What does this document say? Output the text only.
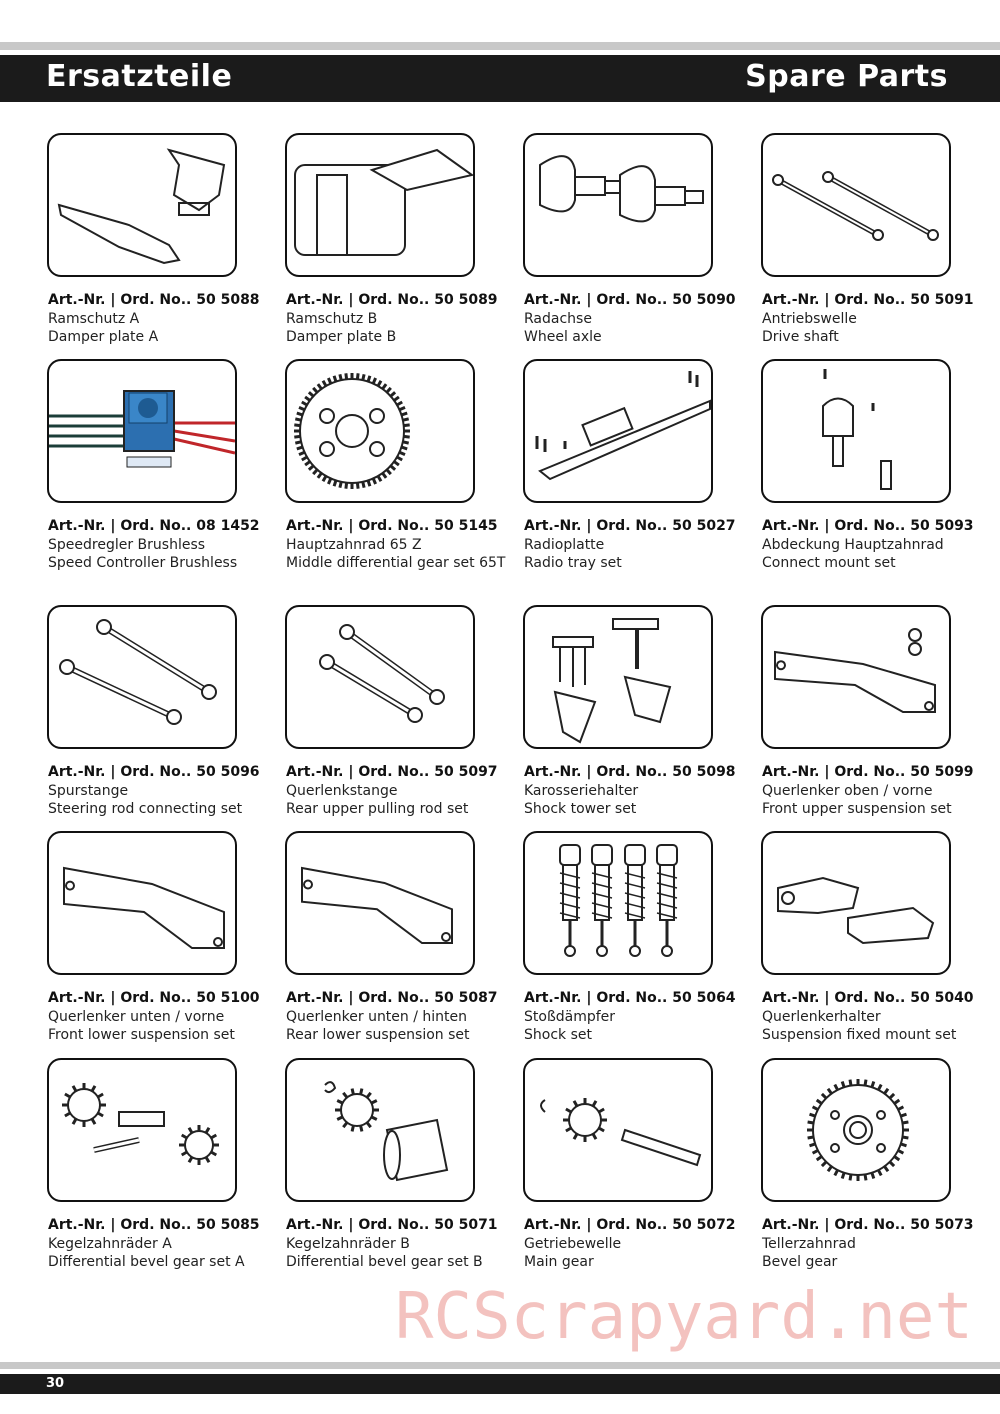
Ersatzteile	Spare Parts
Art.-Nr. | Ord. No.. 50 5088
Ramschutz A
Damper plate A
Art.-Nr. | Ord. No.. 50 5089
Ramschutz B
Damper plate B
Art.-Nr. | Ord. No.. 50 5090
Radachse
Wheel axle
Art.-Nr. | Ord. No.. 50 5091
Antriebswelle
Drive shaft
Art.-Nr. | Ord. No.. 08 1452
Speedregler Brushless
Speed Controller Brushless
Art.-Nr. | Ord. No.. 50 5145
Hauptzahnrad 65 Z
Middle differential gear set 65T
Art.-Nr. | Ord. No.. 50 5027
Radioplatte
Radio tray set
Art.-Nr. | Ord. No.. 50 5093
Abdeckung Hauptzahnrad
Connect mount set
Art.-Nr. | Ord. No.. 50 5096
Spurstange
Steering rod connecting set
Art.-Nr. | Ord. No.. 50 5097
Querlenkstange
Rear upper pulling rod set
Art.-Nr. | Ord. No.. 50 5098
Karosseriehalter
Shock tower set
Art.-Nr. | Ord. No.. 50 5099
Querlenker oben / vorne
Front upper suspension set
Art.-Nr. | Ord. No.. 50 5100
Querlenker unten / vorne
Front lower suspension set
Art.-Nr. | Ord. No.. 50 5087
Querlenker unten / hinten
Rear lower suspension set
Art.-Nr. | Ord. No.. 50 5064
Stoßdämpfer
Shock set
Art.-Nr. | Ord. No.. 50 5040
Querlenkerhalter
Suspension fixed mount set
Art.-Nr. | Ord. No.. 50 5085
Kegelzahnräder A
Differential bevel gear set A
Art.-Nr. | Ord. No.. 50 5071
Kegelzahnräder B
Differential bevel gear set B
Art.-Nr. | Ord. No.. 50 5072
Getriebewelle
Main gear
Art.-Nr. | Ord. No.. 50 5073
Tellerzahnrad
Bevel gear
RCScrapyard.net
30
